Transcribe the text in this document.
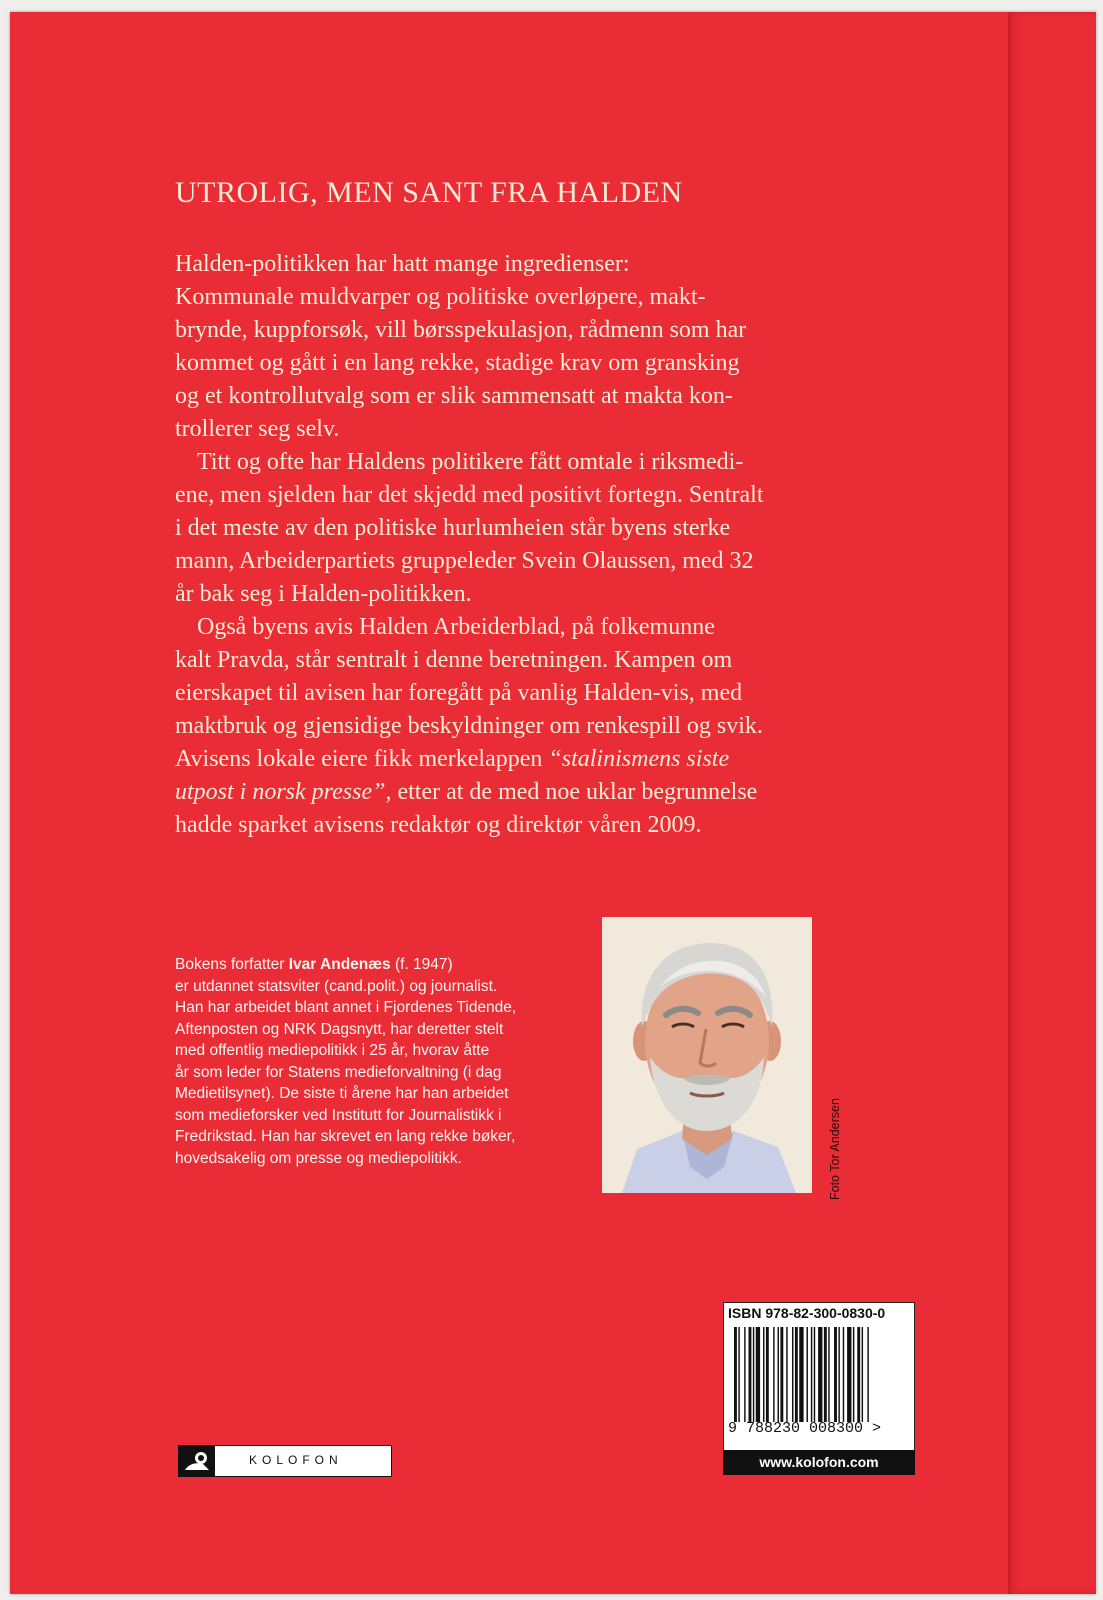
UTROLIG, MEN SANT FRA HALDEN
Halden-politikken har hatt mange ingredienser:
Kommunale muldvarper og politiske overløpere, makt-
brynde, kuppforsøk, vill børsspekulasjon, rådmenn som har
kommet og gått i en lang rekke, stadige krav om gransking
og et kontrollutvalg som er slik sammensatt at makta kon-
trollerer seg selv.
Titt og ofte har Haldens politikere fått omtale i riksmedi-
ene, men sjelden har det skjedd med positivt fortegn. Sentralt
i det meste av den politiske hurlumheien står byens sterke
mann, Arbeiderpartiets gruppeleder Svein Olaussen, med 32
år bak seg i Halden-politikken.
Også byens avis Halden Arbeiderblad, på folkemunne
kalt Pravda, står sentralt i denne beretningen. Kampen om
eierskapet til avisen har foregått på vanlig Halden-vis, med
maktbruk og gjensidige beskyldninger om renkespill og svik.
Avisens lokale eiere fikk merkelappen “stalinismens siste
utpost i norsk presse”, etter at de med noe uklar begrunnelse
hadde sparket avisens redaktør og direktør våren 2009.
Bokens forfatter Ivar Andenæs (f. 1947)
er utdannet statsviter (cand.polit.) og journalist.
Han har arbeidet blant annet i Fjordenes Tidende,
Aftenposten og NRK Dagsnytt, har deretter stelt
med offentlig mediepolitikk i 25 år, hvorav åtte
år som leder for Statens medieforvaltning (i dag
Medietilsynet). De siste ti årene har han arbeidet
som medieforsker ved Institutt for Journalistikk i
Fredrikstad. Han har skrevet en lang rekke bøker,
hovedsakelig om presse og mediepolitikk.	Foto Tor Andersen
ISBN 978-82-300-0830-0
9 788230 008300 >
www.kolofon.com
KOLOFON
